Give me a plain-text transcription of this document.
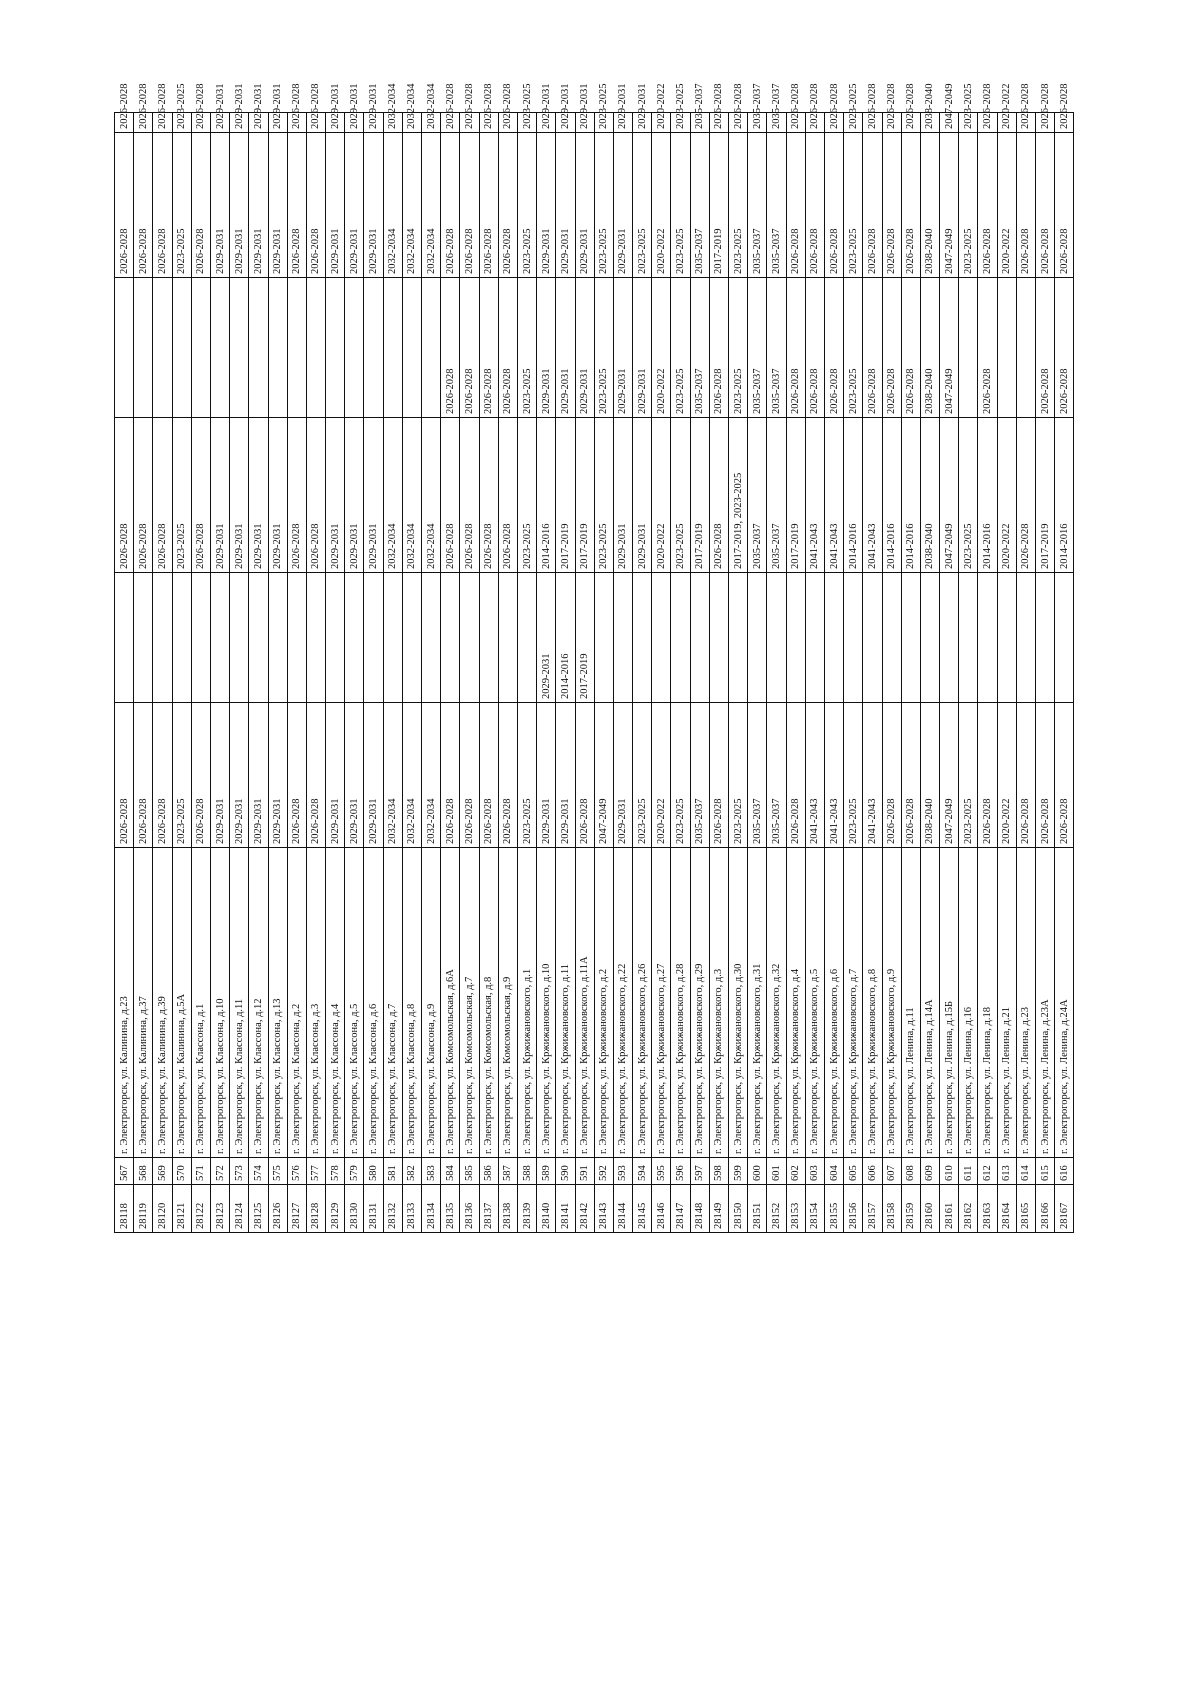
28118	567	г. Электрогорск, ул. Калинина, д.23	2026-2028		2026-2028		2026-2028	2026-2028
28119	568	г. Электрогорск, ул. Калинина, д.37	2026-2028		2026-2028		2026-2028	2026-2028
28120	569	г. Электрогорск, ул. Калинина, д.39	2026-2028		2026-2028		2026-2028	2026-2028
28121	570	г. Электрогорск, ул. Калинина, д.5А	2023-2025		2023-2025		2023-2025	2023-2025
28122	571	г. Электрогорск, ул. Классона, д.1	2026-2028		2026-2028		2026-2028	2026-2028
28123	572	г. Электрогорск, ул. Классона, д.10	2029-2031		2029-2031		2029-2031	2029-2031
28124	573	г. Электрогорск, ул. Классона, д.11	2029-2031		2029-2031		2029-2031	2029-2031
28125	574	г. Электрогорск, ул. Классона, д.12	2029-2031		2029-2031		2029-2031	2029-2031
28126	575	г. Электрогорск, ул. Классона, д.13	2029-2031		2029-2031		2029-2031	2029-2031
28127	576	г. Электрогорск, ул. Классона, д.2	2026-2028		2026-2028		2026-2028	2026-2028
28128	577	г. Электрогорск, ул. Классона, д.3	2026-2028		2026-2028		2026-2028	2026-2028
28129	578	г. Электрогорск, ул. Классона, д.4	2029-2031		2029-2031		2029-2031	2029-2031
28130	579	г. Электрогорск, ул. Классона, д.5	2029-2031		2029-2031		2029-2031	2029-2031
28131	580	г. Электрогорск, ул. Классона, д.6	2029-2031		2029-2031		2029-2031	2029-2031
28132	581	г. Электрогорск, ул. Классона, д.7	2032-2034		2032-2034		2032-2034	2032-2034
28133	582	г. Электрогорск, ул. Классона, д.8	2032-2034		2032-2034		2032-2034	2032-2034
28134	583	г. Электрогорск, ул. Классона, д.9	2032-2034		2032-2034		2032-2034	2032-2034
28135	584	г. Электрогорск, ул. Комсомольская, д.6А	2026-2028		2026-2028	2026-2028	2026-2028	2026-2028
28136	585	г. Электрогорск, ул. Комсомольская, д.7	2026-2028		2026-2028	2026-2028	2026-2028	2026-2028
28137	586	г. Электрогорск, ул. Комсомольская, д.8	2026-2028		2026-2028	2026-2028	2026-2028	2026-2028
28138	587	г. Электрогорск, ул. Комсомольская, д.9	2026-2028		2026-2028	2026-2028	2026-2028	2026-2028
28139	588	г. Электрогорск, ул. Кржижановского, д.1	2023-2025		2023-2025	2023-2025	2023-2025	2023-2025
28140	589	г. Электрогорск, ул. Кржижановского, д.10	2029-2031	2029-2031	2014-2016	2029-2031	2029-2031	2029-2031
28141	590	г. Электрогорск, ул. Кржижановского, д.11	2029-2031	2014-2016	2017-2019	2029-2031	2029-2031	2029-2031
28142	591	г. Электрогорск, ул. Кржижановского, д.11А	2026-2028	2017-2019	2017-2019	2029-2031	2029-2031	2029-2031
28143	592	г. Электрогорск, ул. Кржижановского, д.2	2047-2049		2023-2025	2023-2025	2023-2025	2023-2025
28144	593	г. Электрогорск, ул. Кржижановского, д.22	2029-2031		2029-2031	2029-2031	2029-2031	2029-2031
28145	594	г. Электрогорск, ул. Кржижановского, д.26	2023-2025		2029-2031	2029-2031	2023-2025	2029-2031
28146	595	г. Электрогорск, ул. Кржижановского, д.27	2020-2022		2020-2022	2020-2022	2020-2022	2020-2022
28147	596	г. Электрогорск, ул. Кржижановского, д.28	2023-2025		2023-2025	2023-2025	2023-2025	2023-2025
28148	597	г. Электрогорск, ул. Кржижановского, д.29	2035-2037		2017-2019	2035-2037	2035-2037	2035-2037
28149	598	г. Электрогорск, ул. Кржижановского, д.3	2026-2028		2026-2028	2026-2028	2017-2019	2026-2028
28150	599	г. Электрогорск, ул. Кржижановского, д.30	2023-2025		2017-2019, 2023-2025	2023-2025	2023-2025	2026-2028
28151	600	г. Электрогорск, ул. Кржижановского, д.31	2035-2037		2035-2037	2035-2037	2035-2037	2035-2037
28152	601	г. Электрогорск, ул. Кржижановского, д.32	2035-2037		2035-2037	2035-2037	2035-2037	2035-2037
28153	602	г. Электрогорск, ул. Кржижановского, д.4	2026-2028		2017-2019	2026-2028	2026-2028	2026-2028
28154	603	г. Электрогорск, ул. Кржижановского, д.5	2041-2043		2041-2043	2026-2028	2026-2028	2026-2028
28155	604	г. Электрогорск, ул. Кржижановского, д.6	2041-2043		2041-2043	2026-2028	2026-2028	2026-2028
28156	605	г. Электрогорск, ул. Кржижановского, д.7	2023-2025		2014-2016	2023-2025	2023-2025	2023-2025
28157	606	г. Электрогорск, ул. Кржижановского, д.8	2041-2043		2041-2043	2026-2028	2026-2028	2026-2028
28158	607	г. Электрогорск, ул. Кржижановского, д.9	2026-2028		2014-2016	2026-2028	2026-2028	2026-2028
28159	608	г. Электрогорск, ул. Ленина, д.11	2026-2028		2014-2016	2026-2028	2026-2028	2026-2028
28160	609	г. Электрогорск, ул. Ленина, д.14А	2038-2040		2038-2040	2038-2040	2038-2040	2038-2040
28161	610	г. Электрогорск, ул. Ленина, д.15Б	2047-2049		2047-2049	2047-2049	2047-2049	2047-2049
28162	611	г. Электрогорск, ул. Ленина, д.16	2023-2025		2023-2025		2023-2025	2023-2025
28163	612	г. Электрогорск, ул. Ленина, д.18	2026-2028		2014-2016	2026-2028	2026-2028	2026-2028
28164	613	г. Электрогорск, ул. Ленина, д.21	2020-2022		2020-2022		2020-2022	2020-2022
28165	614	г. Электрогорск, ул. Ленина, д.23	2026-2028		2026-2028		2026-2028	2026-2028
28166	615	г. Электрогорск, ул. Ленина, д.23А	2026-2028		2017-2019	2026-2028	2026-2028	2026-2028
28167	616	г. Электрогорск, ул. Ленина, д.24А	2026-2028		2014-2016	2026-2028	2026-2028	2026-2028
